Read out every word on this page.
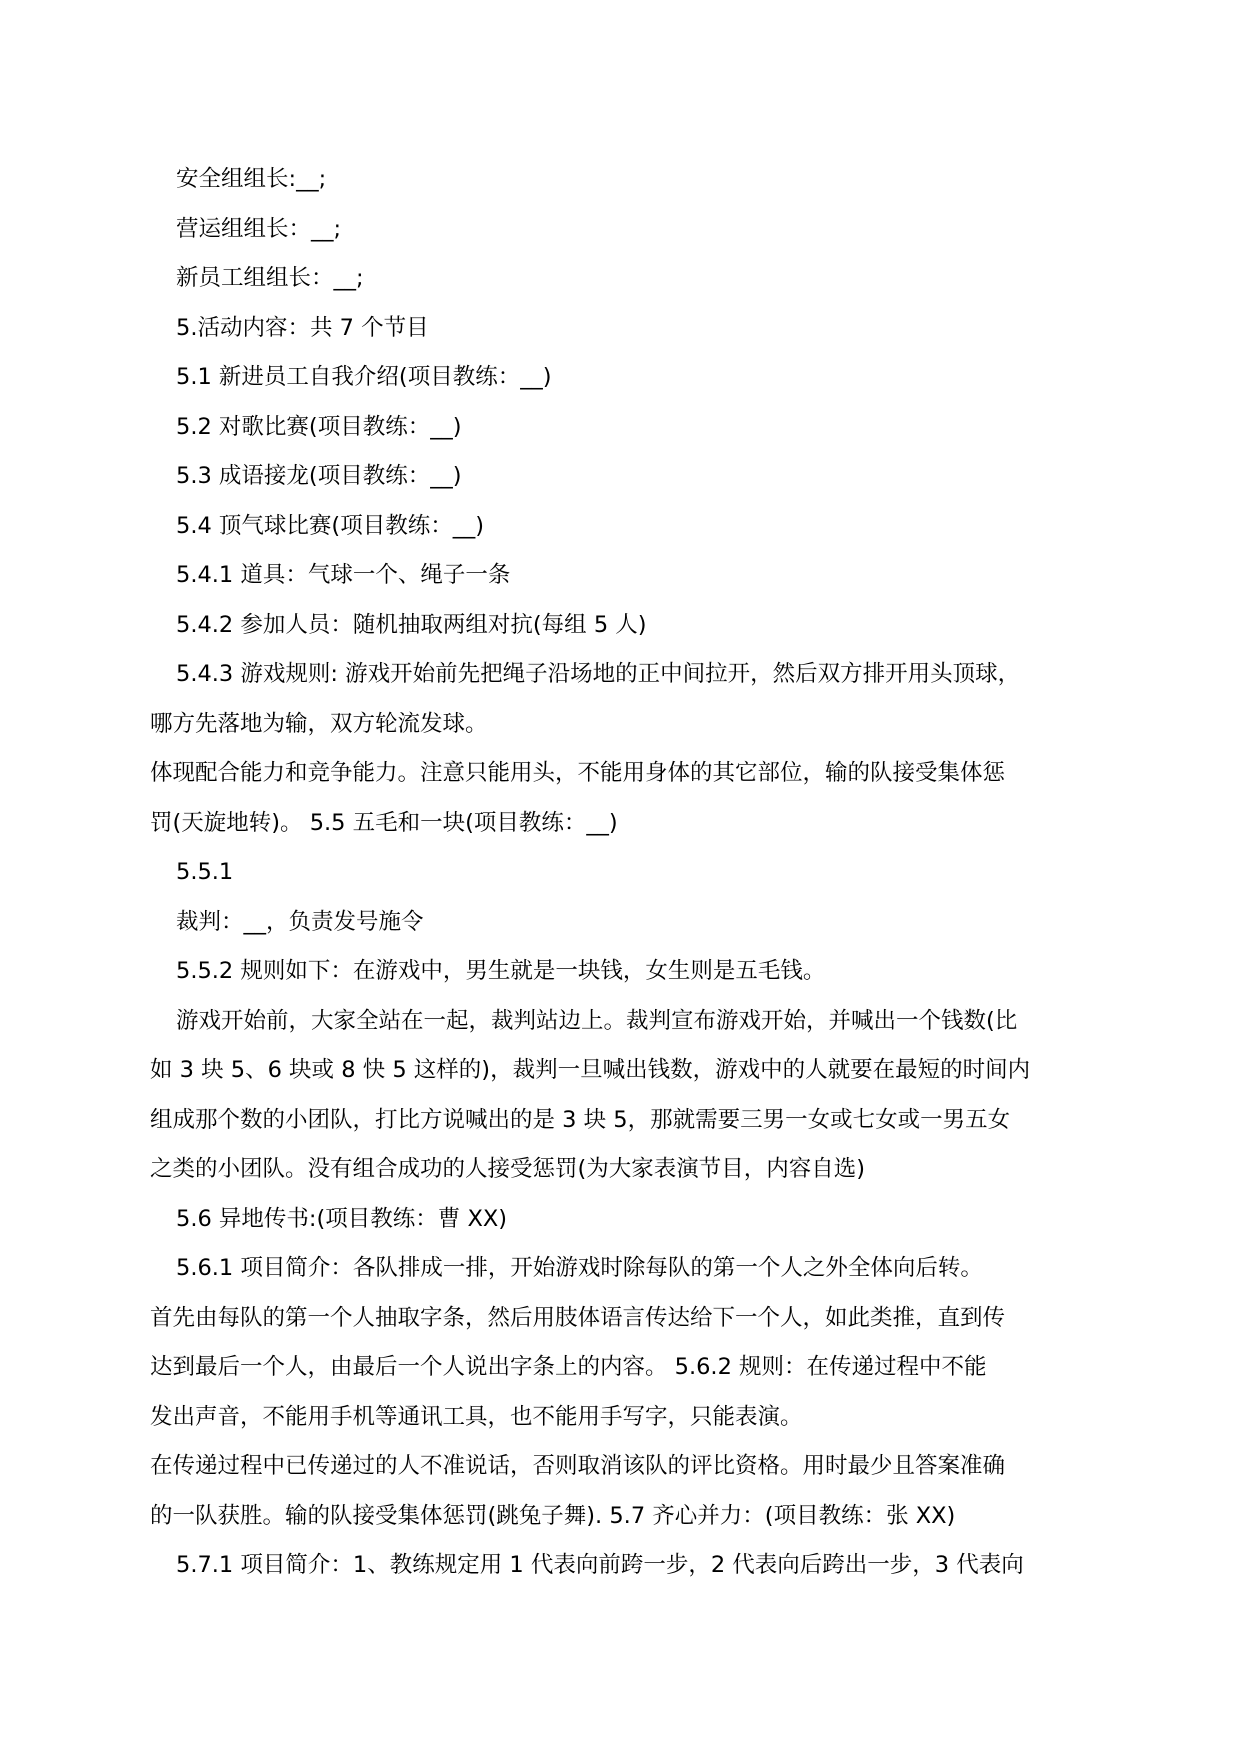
安全组组长:__;

营运组组长：__;

新员工组组长：__;

5.活动内容：共 7 个节目

5.1 新进员工自我介绍(项目教练：__)

5.2 对歌比赛(项目教练：__)

5.3 成语接龙(项目教练：__)

5.4 顶气球比赛(项目教练：__)

5.4.1 道具：气球一个、绳子一条

5.4.2 参加人员：随机抽取两组对抗(每组 5 人)

5.4.3 游戏规则: 游戏开始前先把绳子沿场地的正中间拉开，然后双方排开用头顶球，

哪方先落地为输，双方轮流发球。

体现配合能力和竞争能力。注意只能用头，不能用身体的其它部位，输的队接受集体惩

罚(天旋地转)。 5.5 五毛和一块(项目教练：__)

5.5.1

裁判：__，负责发号施令

5.5.2 规则如下：在游戏中，男生就是一块钱，女生则是五毛钱。

游戏开始前，大家全站在一起，裁判站边上。裁判宣布游戏开始，并喊出一个钱数(比

如 3 块 5、6 块或 8 快 5 这样的)，裁判一旦喊出钱数，游戏中的人就要在最短的时间内

组成那个数的小团队，打比方说喊出的是 3 块 5，那就需要三男一女或七女或一男五女

之类的小团队。没有组合成功的人接受惩罚(为大家表演节目，内容自选)

5.6 异地传书:(项目教练：曹 XX)

5.6.1 项目简介：各队排成一排，开始游戏时除每队的第一个人之外全体向后转。

首先由每队的第一个人抽取字条，然后用肢体语言传达给下一个人，如此类推，直到传

达到最后一个人，由最后一个人说出字条上的内容。 5.6.2 规则：在传递过程中不能

发出声音，不能用手机等通讯工具，也不能用手写字，只能表演。

在传递过程中已传递过的人不准说话，否则取消该队的评比资格。用时最少且答案准确

的一队获胜。输的队接受集体惩罚(跳兔子舞). 5.7 齐心并力：(项目教练：张 XX)

5.7.1 项目简介：1、教练规定用 1 代表向前跨一步，2 代表向后跨出一步，3 代表向
